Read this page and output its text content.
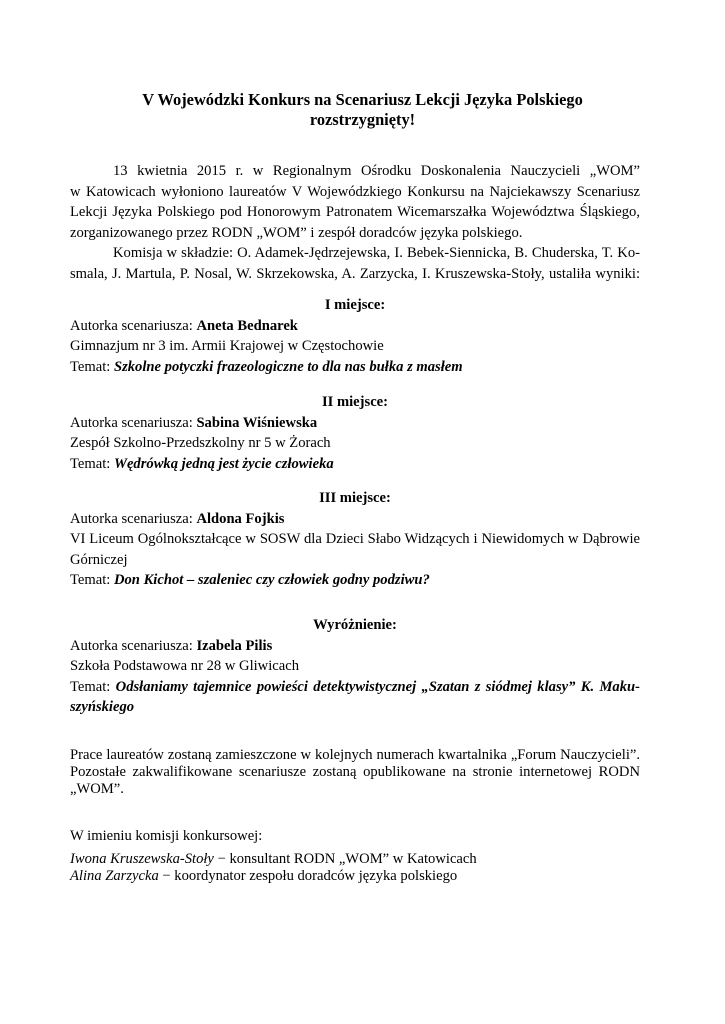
V Wojewódzki Konkurs na Scenariusz Lekcji Języka Polskiego
rozstrzygnięty!

13 kwietnia 2015 r. w Regionalnym Ośrodku Doskonalenia Nauczycieli „WOM”
w Katowicach wyłoniono laureatów V Wojewódzkiego Konkursu na Najciekawszy Scenariusz
Lekcji Języka Polskiego pod Honorowym Patronatem Wicemarszałka Województwa Śląskiego,
zorganizowanego przez RODN „WOM” i zespół doradców języka polskiego.

Komisja w składzie: O. Adamek-Jędrzejewska, I. Bebek-Siennicka, B. Chuderska, T. Ko-
smala, J. Martula, P. Nosal, W. Skrzekowska, A. Zarzycka, I. Kruszewska-Stoły, ustaliła wyniki:

I miejsce:
Autorka scenariusza: Aneta Bednarek
Gimnazjum nr 3 im. Armii Krajowej w Częstochowie
Temat: Szkolne potyczki frazeologiczne to dla nas bułka z masłem
II miejsce:
Autorka scenariusza: Sabina Wiśniewska
Zespół Szkolno-Przedszkolny nr 5 w Żorach
Temat: Wędrówką jedną jest życie człowieka
III miejsce:
Autorka scenariusza: Aldona Fojkis
VI Liceum Ogólnokształcące w SOSW dla Dzieci Słabo Widzących i Niewidomych w Dąbrowie
Górniczej
Temat: Don Kichot – szaleniec czy człowiek godny podziwu?
Wyróżnienie:
Autorka scenariusza: Izabela Pilis
Szkoła Podstawowa nr 28 w Gliwicach
Temat: Odsłaniamy tajemnice powieści detektywistycznej „Szatan z siódmej klasy” K. Maku-
szyńskiego
Prace laureatów zostaną zamieszczone w kolejnych numerach kwartalnika „Forum Nauczycieli”.
Pozostałe zakwalifikowane scenariusze zostaną opublikowane na stronie internetowej RODN
„WOM”.
W imieniu komisji konkursowej:
Iwona Kruszewska-Stoły − konsultant RODN „WOM” w Katowicach
Alina Zarzycka − koordynator zespołu doradców języka polskiego
